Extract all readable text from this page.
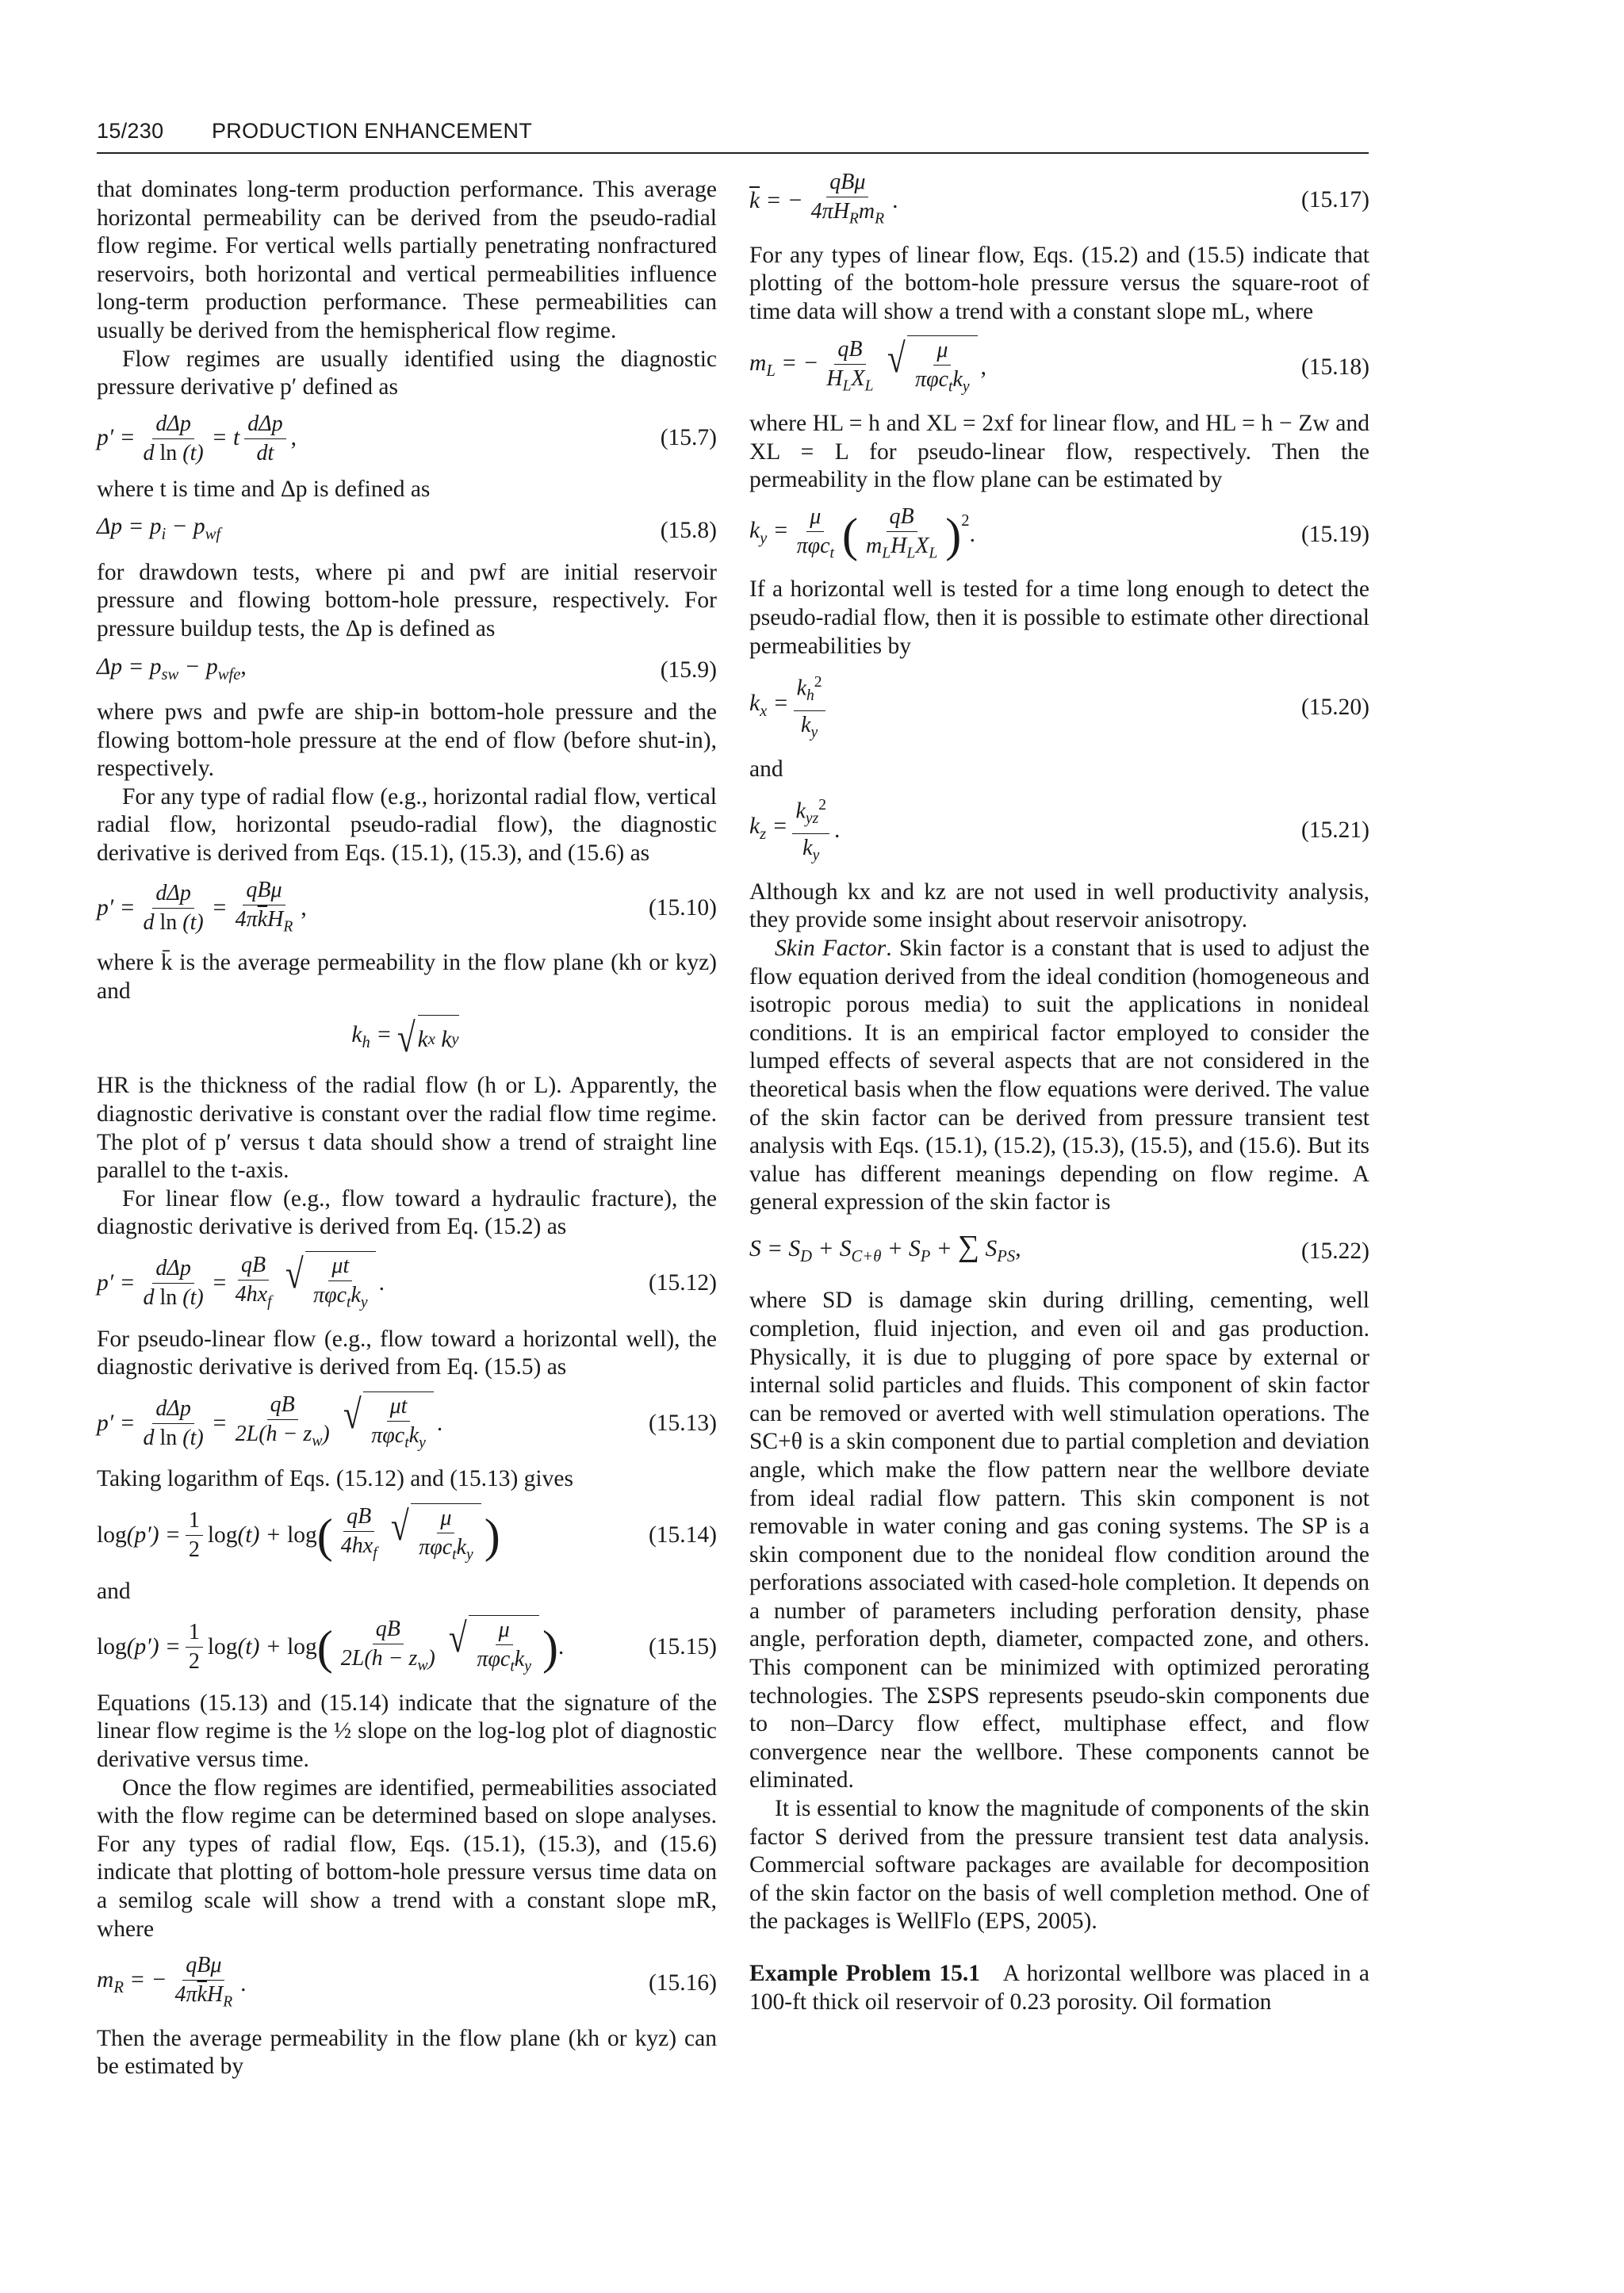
15/230 PRODUCTION ENHANCEMENT

that dominates long-term production performance. This average horizontal permeability can be derived from the pseudo-radial flow regime. For vertical wells partially penetrating nonfractured reservoirs, both horizontal and vertical permeabilities influence long-term production performance. These permeabilities can usually be derived from the hemispherical flow regime.

Flow regimes are usually identified using the diagnostic pressure derivative p′ defined as

$p' = \frac{\text{dΔp}}{\text{d ln (t)}} = t \frac{\text{dΔp}}{dt}$ ,	(15.7)

where t is time and Δp is defined as

$\Delta p = p_i - p_{wf}$	(15.8)

for drawdown tests, where pi and pwf are initial reservoir pressure and flowing bottom-hole pressure, respectively. For pressure buildup tests, the Δp is defined as

$\Delta p = p_{sw} - p_{wfe}$,	(15.9)

where pws and pwfe are ship-in bottom-hole pressure and the flowing bottom-hole pressure at the end of flow (before shut-in), respectively.

For any type of radial flow (e.g., horizontal radial flow, vertical radial flow, horizontal pseudo-radial flow), the diagnostic derivative is derived from Eqs. (15.1), (15.3), and (15.6) as

$p' = \frac{\text{dΔp}}{\text{d ln (t)}} = \frac{\text{qBμ}}{4\pi\overline{k}H_R}$ ,	(15.10)

where k̄ is the average permeability in the flow plane (kh or kyz) and

$k_h$ = √ k x k y

HR is the thickness of the radial flow (h or L). Apparently, the diagnostic derivative is constant over the radial flow time regime. The plot of p′ versus t data should show a trend of straight line parallel to the t-axis.

For linear flow (e.g., flow toward a hydraulic fracture), the diagnostic derivative is derived from Eq. (15.2) as

$p' = \frac{\text{dΔp}}{\text{d ln (t)}} = \frac{qB}{4hx_f}$ √ $\frac{\mu t}{\pi\varphi c_tk_y}$ .	(15.12)

For pseudo-linear flow (e.g., flow toward a horizontal well), the diagnostic derivative is derived from Eq. (15.5) as

$p' = \frac{\text{dΔp}}{\text{d ln (t)}} = \frac{qB}{2L(h - z_w)}$ √ $\frac{\mu t}{\pi\varphi c_tk_y}$ .	(15.13)

Taking logarithm of Eqs. (15.12) and (15.13) gives

$\log(p') = \frac{1}{2} \log(t) + \log$ ( $\frac{qB}{4hx_f}$ √ $\frac{\mu}{\pi\varphi c_tk_y}$ )	(15.14)

and

$\log(p') = \frac{1}{2} \log(t) + \log$ ( $\frac{qB}{2L(h - z_w)}$ √ $\frac{\mu}{\pi\varphi c_tk_y}$ ) .	(15.15)

Equations (15.13) and (15.14) indicate that the signature of the linear flow regime is the ½ slope on the log-log plot of diagnostic derivative versus time.

Once the flow regimes are identified, permeabilities associated with the flow regime can be determined based on slope analyses. For any types of radial flow, Eqs. (15.1), (15.3), and (15.6) indicate that plotting of bottom-hole pressure versus time data on a semilog scale will show a trend with a constant slope mR, where

$m_R$ = − $\frac{\text{qBμ}}{4\pi\overline{k}H_R}$ .	(15.16)

Then the average permeability in the flow plane (kh or kyz) can be estimated by

$\overline{k}$ = − $\frac{\text{qBμ}}{4\pi H_Rm_R}$ .	(15.17)

For any types of linear flow, Eqs. (15.2) and (15.5) indicate that plotting of the bottom-hole pressure versus the square-root of time data will show a trend with a constant slope mL, where

$m_L$ = − $\frac{qB}{H_LX_L}$ √ $\frac{\mu}{\pi\varphi c_tk_y}$ ,	(15.18)

where HL = h and XL = 2xf for linear flow, and HL = h − Zw and XL = L for pseudo-linear flow, respectively. Then the permeability in the flow plane can be estimated by

$k_y = \frac{\mu}{\pi\varphi c_t}$ ( $\frac{qB}{m_LH_LX_L} )^2$
.	(15.19)

If a horizontal well is tested for a time long enough to detect the pseudo-radial flow, then it is possible to estimate other directional permeabilities by

$k_x = \frac{k_h^2}{k_y}$	(15.20)

and

$k_z = \frac{k_{yz}^2}{k_y}$ .	(15.21)

Although kx and kz are not used in well productivity analysis, they provide some insight about reservoir anisotropy.

Skin Factor. Skin factor is a constant that is used to adjust the flow equation derived from the ideal condition (homogeneous and isotropic porous media) to suit the applications in nonideal conditions. It is an empirical factor employed to consider the lumped effects of several aspects that are not considered in the theoretical basis when the flow equations were derived. The value of the skin factor can be derived from pressure transient test analysis with Eqs. (15.1), (15.2), (15.3), (15.5), and (15.6). But its value has different meanings depending on flow regime. A general expression of the skin factor is

$S = S_D + S_{C+\theta} + S_P$ + ∑ $S_{PS}$,	(15.22)

where SD is damage skin during drilling, cementing, well completion, fluid injection, and even oil and gas production. Physically, it is due to plugging of pore space by external or internal solid particles and fluids. This component of skin factor can be removed or averted with well stimulation operations. The SC+θ is a skin component due to partial completion and deviation angle, which make the flow pattern near the wellbore deviate from ideal radial flow pattern. This skin component is not removable in water coning and gas coning systems. The SP is a skin component due to the nonideal flow condition around the perforations associated with cased-hole completion. It depends on a number of parameters including perforation density, phase angle, perforation depth, diameter, compacted zone, and others. This component can be minimized with optimized perorating technologies. The ΣSPS represents pseudo-skin components due to non–Darcy flow effect, multiphase effect, and flow convergence near the wellbore. These components cannot be eliminated.

It is essential to know the magnitude of components of the skin factor S derived from the pressure transient test data analysis. Commercial software packages are available for decomposition of the skin factor on the basis of well completion method. One of the packages is WellFlo (EPS, 2005).

Example Problem 15.1 A horizontal wellbore was placed in a 100-ft thick oil reservoir of 0.23 porosity. Oil formation
